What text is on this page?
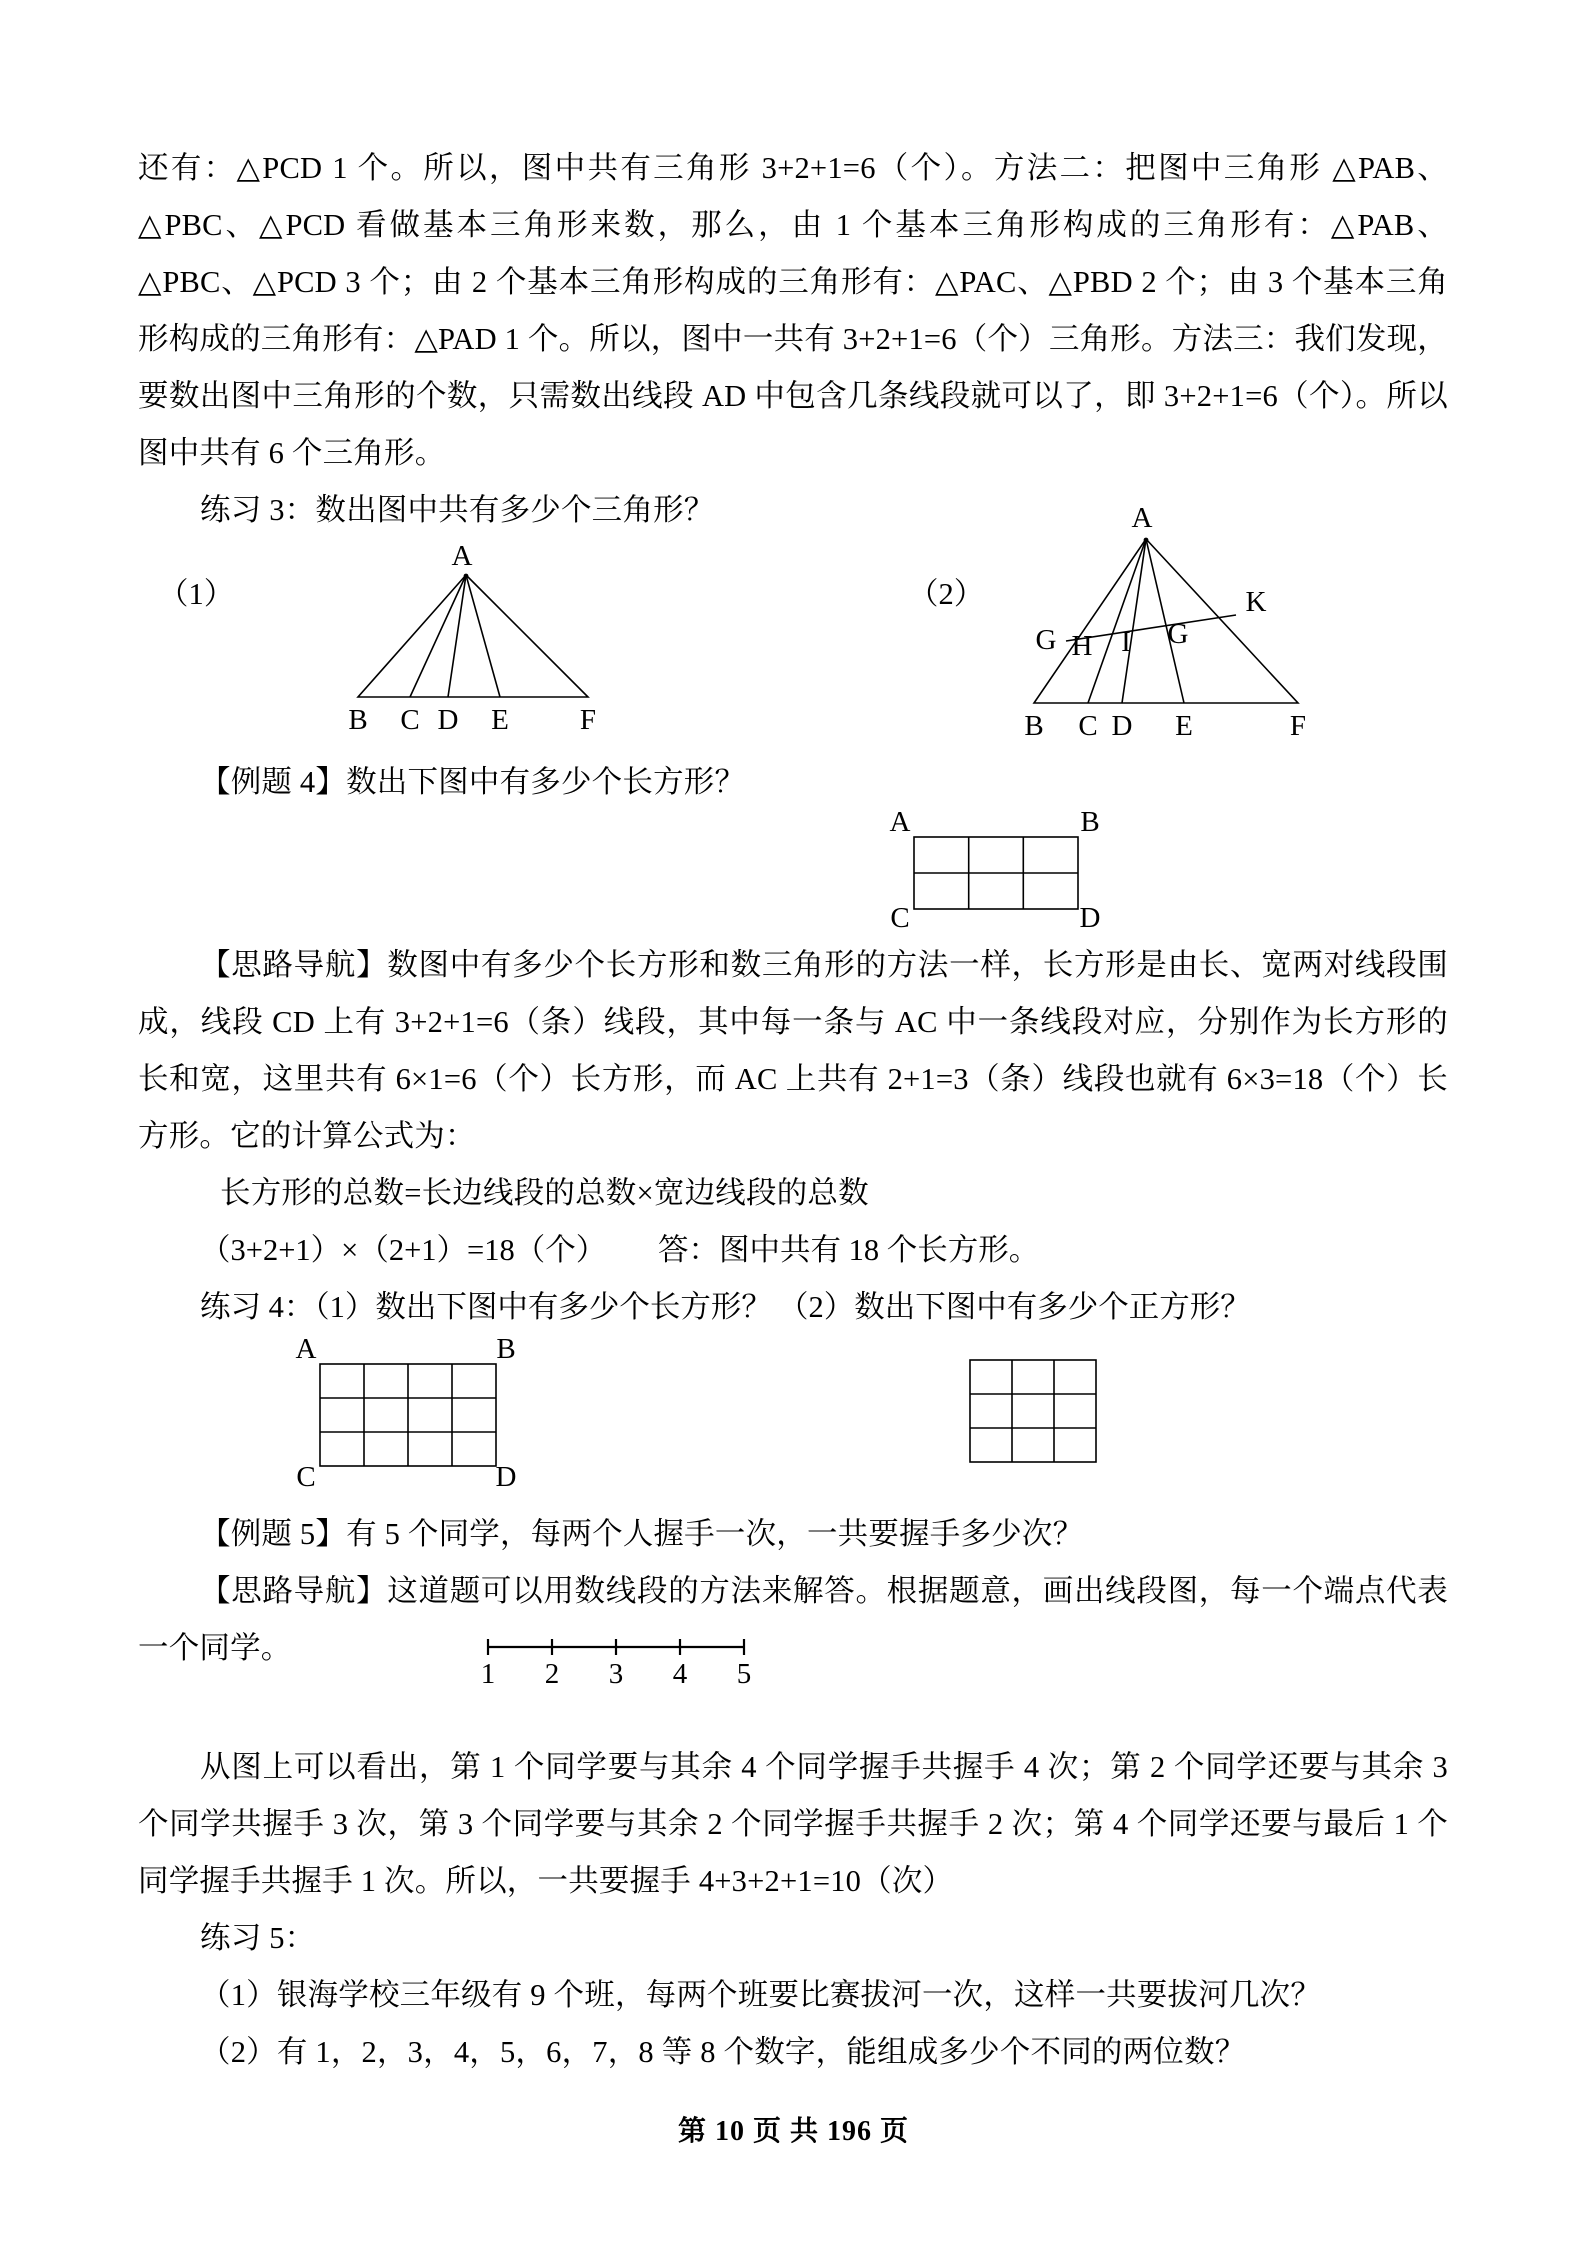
还有：△PCD 1 个。所以，图中共有三角形 3+2+1=6（个）。方法二：把图中三角形 △PAB、△PBC、△PCD 看做基本三角形来数，那么，由 1 个基本三角形构成的三角形有：△PAB、△PBC、△PCD 3 个；由 2 个基本三角形构成的三角形有：△PAC、△PBD 2 个；由 3 个基本三角形构成的三角形有：△PAD 1 个。所以，图中一共有 3+2+1=6（个）三角形。方法三：我们发现，要数出图中三角形的个数，只需数出线段 AD 中包含几条线段就可以了，即 3+2+1=6（个）。所以图中共有 6 个三角形。

练习 3：数出图中共有多少个三角形？

（1）
A
B C D E F
（2）
A
G H I G
K
B C D E	F

【例题 4】数出下图中有多少个长方形？

A	B
C	D

【思路导航】数图中有多少个长方形和数三角形的方法一样，长方形是由长、宽两对线段围成，线段 CD 上有 3+2+1=6（条）线段，其中每一条与 AC 中一条线段对应，分别作为长方形的长和宽，这里共有 6×1=6（个）长方形，而 AC 上共有 2+1=3（条）线段也就有 6×3=18（个）长方形。它的计算公式为：

长方形的总数=长边线段的总数×宽边线段的总数

（3+2+1）×（2+1）=18（个）	答：图中共有 18 个长方形。
练习 4：（1）数出下图中有多少个长方形？ （2）数出下图中有多少个正方形？
A	B
C	D

【例题 5】有 5 个同学，每两个人握手一次，一共要握手多少次？

【思路导航】这道题可以用数线段的方法来解答。根据题意，画出线段图，每一个端点代表一个同学。

1 2 3 4 5

从图上可以看出，第 1 个同学要与其余 4 个同学握手共握手 4 次；第 2 个同学还要与其余 3 个同学共握手 3 次，第 3 个同学要与其余 2 个同学握手共握手 2 次；第 4 个同学还要与最后 1 个同学握手共握手 1 次。所以，一共要握手 4+3+2+1=10（次）

练习 5：

（1）银海学校三年级有 9 个班，每两个班要比赛拔河一次，这样一共要拔河几次？

（2）有 1，2，3，4，5，6，7，8 等 8 个数字，能组成多少个不同的两位数？

第 10 页 共 196 页
